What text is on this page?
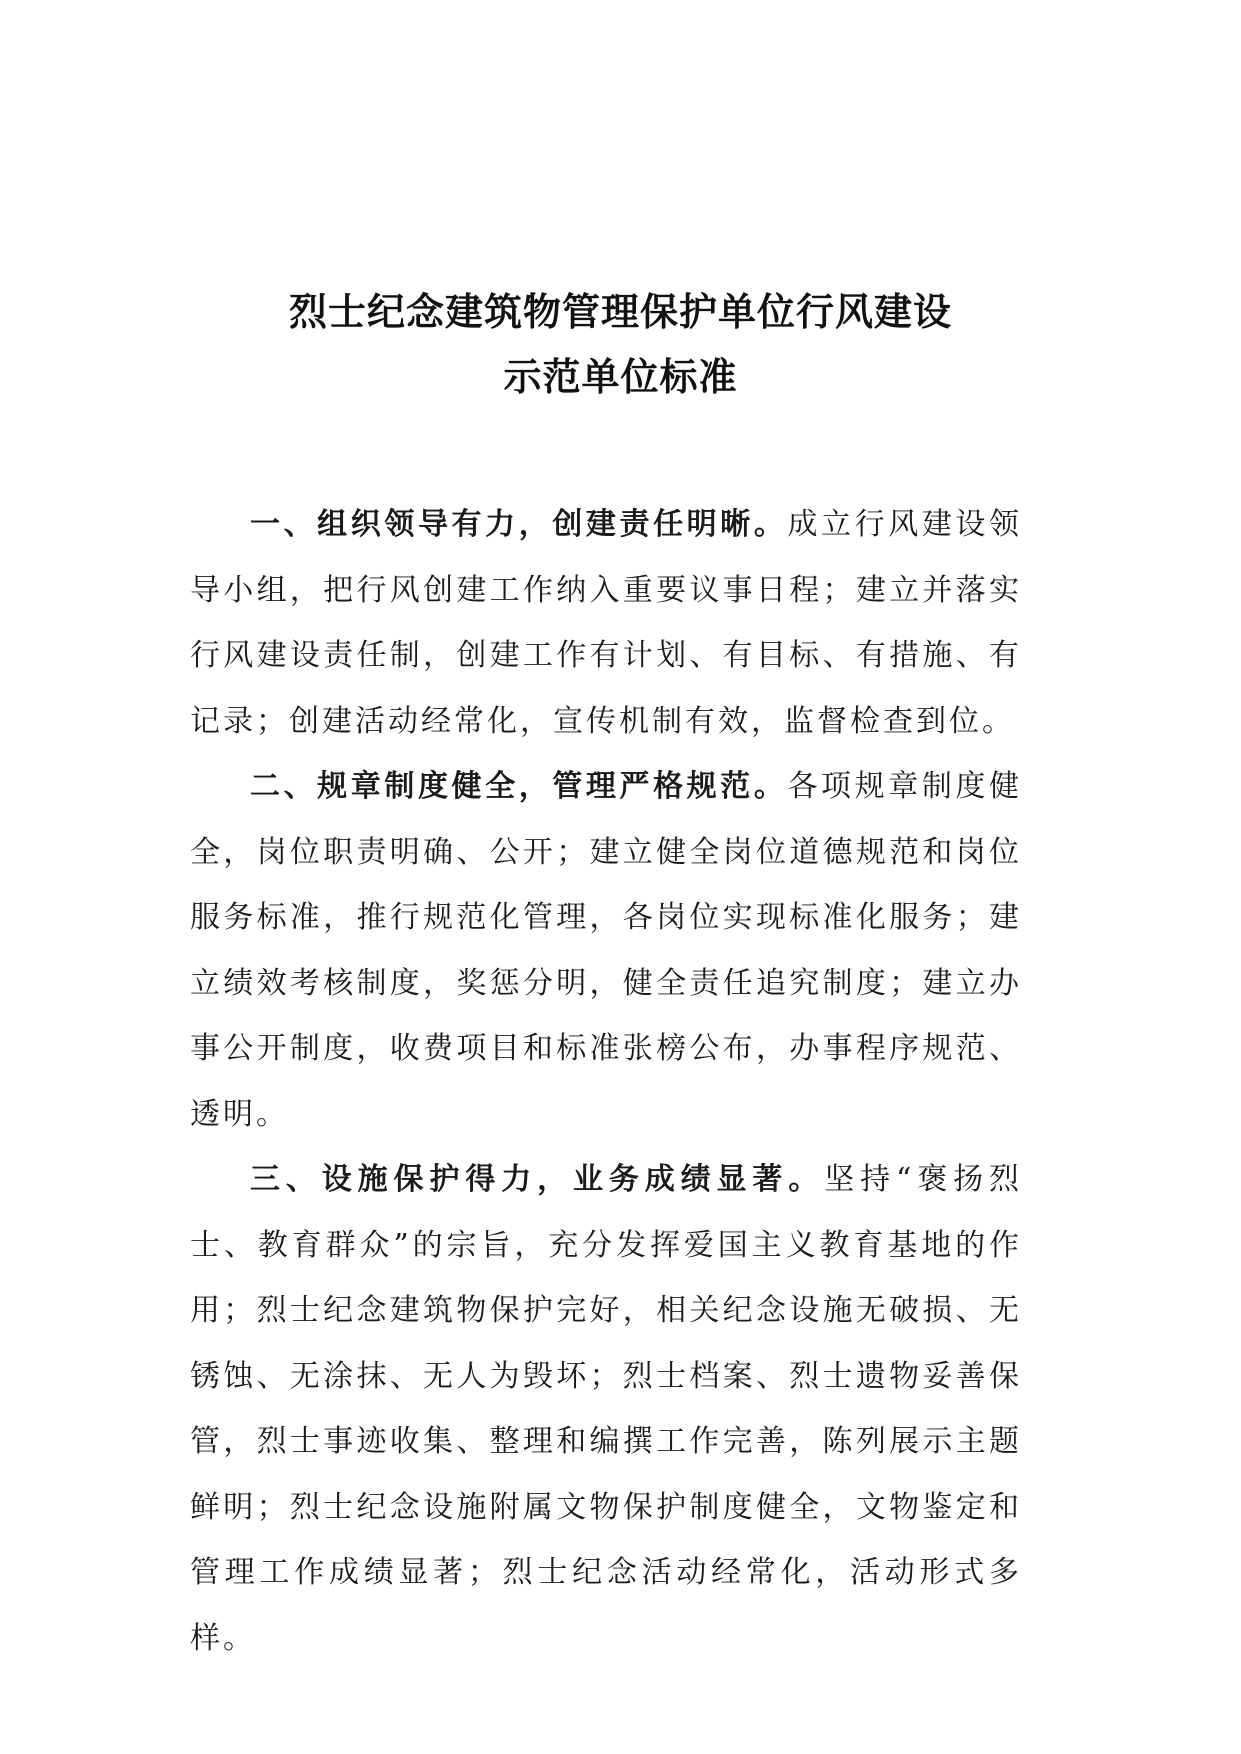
烈士纪念建筑物管理保护单位行风建设
示范单位标准

一、组织领导有力，创建责任明晰。成立行风建设领导小组，把行风创建工作纳入重要议事日程；建立并落实行风建设责任制，创建工作有计划、有目标、有措施、有记录；创建活动经常化，宣传机制有效，监督检查到位。

二、规章制度健全，管理严格规范。各项规章制度健全，岗位职责明确、公开；建立健全岗位道德规范和岗位服务标准，推行规范化管理，各岗位实现标准化服务；建立绩效考核制度，奖惩分明，健全责任追究制度；建立办事公开制度，收费项目和标准张榜公布，办事程序规范、透明。

三、设施保护得力，业务成绩显著。坚持“褒扬烈士、教育群众”的宗旨，充分发挥爱国主义教育基地的作用；烈士纪念建筑物保护完好，相关纪念设施无破损、无锈蚀、无涂抹、无人为毁坏；烈士档案、烈士遗物妥善保管，烈士事迹收集、整理和编撰工作完善，陈列展示主题鲜明；烈士纪念设施附属文物保护制度健全，文物鉴定和管理工作成绩显著；烈士纪念活动经常化，活动形式多样。
